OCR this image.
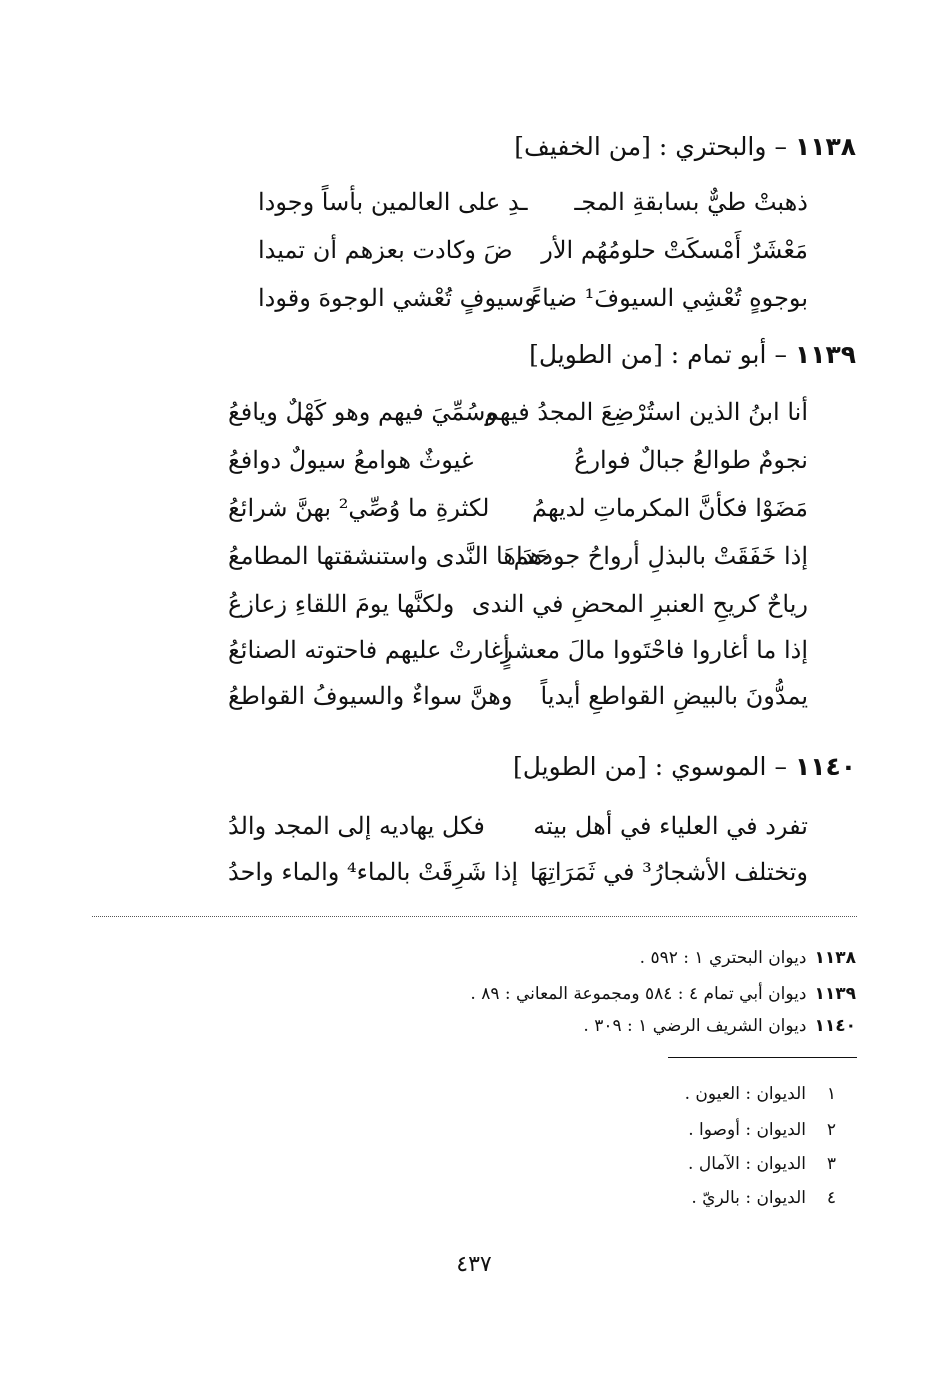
١١٣٨–والبحتري : [من الخفيف]
ذهبتْ طيٌّ بسابقةِ المجـ
ـدِ على العالمين بأساً وجودا
مَعْشَرٌ أَمْسكَتْ حلومُهُم الأر
ضَ وكادت بعزهم أن تميدا
بوجوهٍ تُعْشِي السيوفَ¹ ضياءً
وسيوفٍ تُعْشي الوجوهَ وقودا
١١٣٩–أبو تمام : [من الطويل]
أنا ابنُ الذين استُرْضِعَ المجدُ فيهم
وسُمِّيَ فيهم وهو كَهْلٌ ويافعُ
نجومٌ طوالعُ جبالٌ فوارعُ
غيوثٌ هوامعُ سيولٌ دوافعُ
مَضَوْا فكأنَّ المكرماتِ لديهمُ
لكثرةِ ما وُصِّي² بهنَّ شرائعُ
إذا خَفَقَتْ بالبذلِ أرواحُ جودهم
حَدَاهَا النَّدى واستنشقتها المطامعُ
رياحٌ كريحِ العنبرِ المحضِ في الندى
ولكنَّها يومَ اللقاءِ زعازعُ
إذا ما أغاروا فاحْتَووا مالَ معشرٍ
أغارتْ عليهم فاحتوته الصنائعُ
يمدُّونَ بالبيضِ القواطعِ أيدياً
وهنَّ سواءٌ والسيوفُ القواطعُ
١١٤٠–الموسوي : [من الطويل]
تفرد في العلياء في أهل بيته
فكل يهاديه إلى المجد والدُ
وتختلف الأشجارُ³ في ثَمَرَاتِهَا
إذا شَرِقَتْ بالماء⁴ والماء واحدُ
١١٣٨ديوان البحتري ١ : ٥٩٢ .
١١٣٩ديوان أبي تمام ٤ : ٥٨٤ ومجموعة المعاني : ٨٩ .
١١٤٠ديوان الشريف الرضي ١ : ٣٠٩ .
١الديوان : العيون .
٢الديوان : أوصوا .
٣الديوان : الآمال .
٤الديوان : بالريّ .
٤٣٧
